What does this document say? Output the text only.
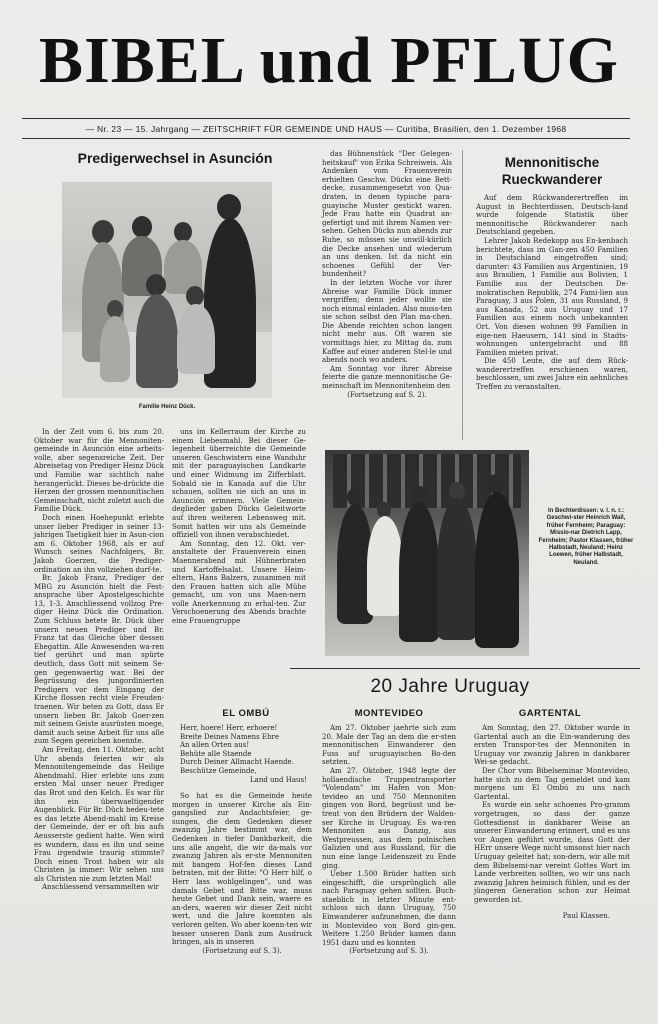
BIBEL und PFLUG
— Nr. 23 — 15. Jahrgang — ZEITSCHRIFT FÜR GEMEINDE UND HAUS — Curitiba, Brasilien, den 1. Dezember 1968
Predigerwechsel in Asunción
Familie Heinz Dück.

In der Zeit vom 6. bis zum 20. Oktober war für die Mennoniten-gemeinde in Asunción eine arbeits-volle, aber segensreiche Zeit. Der Abreisetag von Prediger Heinz Dück und Familie war sichtlich nahe herangerückt. Dieses be-drückte die Herzen der grossen mennonitischen Gemeinschaft, nicht zuletzt auch die Familie Dück.

Doch einen Hoehepunkt erlebte unser lieber Prediger in seiner 13-jahrigen Taetigkeit hier in Asun-cion am 6. Oktober 1968, als er auf Wunsch seines Nachfolgers, Br. Jakob Goerzen, die Prediger-ordination an ihn vollziehen durf-te.

Br. Jakob Franz, Prediger der MBG zu Asunción hielt die Fest-ansprache über Apostelgeschichte 13, 1-3. Anschliessend vollzog Pre-diger Heinz Dück die Ordination. Zum Schluss betete Br. Dück über unsern neuen Prediger und Br. Franz tat das Gleiche über dessen Ehegattin. Alle Anwesenden wa-ren tief gerührt und man spürte deutlich, dass Gott mit seinem Se-gen gegenwaertig war. Bei der Begrüssung des jungordinierten Predigers vor dem Eingang der Kirche flossen recht viele Freuden-traenen. Wir beten zu Gott, dass Er unsern lieben Br. Jakob Goer-zen mit seinem Geiste ausrüsten moege, damit auch seine Arbeit für uns alle zum Segen gereichen koennte.

Am Freitag, den 11. Oktober, acht Uhr abends feierten wir als Mennonitengemeinde das Heilige Abendmahl. Hier erlebte uns zum ersten Mal unser neuer Prediger das Brot und den Kelch. Es war für ihn ein überwaeltigender Augenblick. Für Br. Dück bedeu-tete es das letzte Abend-mahl im Kreise der Gemeinde, der er oft bis aufs Aeusserste gedient hatte. Wen wird es wundern, dass es ihn und seine Frau irgendwie traurig stimmte? Doch einen Trost haben wir als Christen ja immer: Wir sehen uns als Christen nie zum letzten Mal!

Anschliessend versammelten wir

uns im Kellerraum der Kirche zu einem Liebesmahl. Bei dieser Ge-legenheit überreichte die Gemeinde unseren Geschwistern eine Wanduhr mit der paraguayischen Landkarte und einer Widmung im Zifferblatt. Sobald sie in Kanada auf die Uhr schauen, sollten sie sich an uns in Asunción erinnern. Viele Gemein-deglieder gaben Dücks Geleitworte auf ihren weiteren Lebensweg mit. Somit hatten wir uns als Gemeinde offiziell von ihnen verabschiedet.

Am Sonntag, den 12. Okt. ver-anstaltete der Frauenverein einen Maennerabend mit Hühnerbraten und Kartoffelsalat. Unsere Heim-eltern, Hans Balzers, zusammen mit den Frauen hatten sich alle Mühe gemacht, um von uns Maen-nern volle Anerkennung zu erhal-ten. Zur Verschoenerung des Abends brachte eine Frauengruppe

das Bühnenstück "Der Gelegen-heitskauf" von Erika Schreiweis. Als Andenken vom Frauenverein erhielten Geschw. Dücks eine Bett-decke, zusammengesetzt von Qua-draten, in denen typische para-guayische Muster gestickt waren. Jede Frau hatte ein Quadrat an-gefertigt und mit ihrem Namen ver-sehen. Gehen Dücks nun abends zur Ruhe, so müssen sie unwill-kürlich die Decke ansehen und wiederum an uns denken. Ist da nicht ein schoenes Gefühl der Ver-bundenheit?

In der letzten Woche vor ihrer Abreise war Familie Dück immer vergriffen; denn jeder wollte sie noch einmal einladen. Also muss-ten sie schon selbst den Plan ma-chen. Die Abende reichten schon langen nicht mehr aus. Oft waren sie vormittags hier, zu Mittag da, zum Kaffee auf einer anderen Stel-le und abends noch wo anders.

Am Sonntag vor ihrer Abreise feierte die ganze mennonitische Ge-meinschaft im Mennonitenheim den

(Fortsetzung auf S. 2).

Mennonitische
Rueckwanderer

Auf dem Rückwanderertreffen im August in Bechterdissen, Deutsch-land wurde folgende Statistik über mennonitische Rückwanderer nach Deutschland gegeben.

Lehrer Jakob Redekopp aus En-kenbach berichtete, dass im Gan-zen 450 Familien in Deutschland eingetroffen sind; darunter: 43 Familien aus Argentinien, 19 aus Brasilien, 1 Familie aus Bolivien, 1 Familie aus der Deutschen De-mokratischen Republik, 274 Fami-lien aus Paraguay, 3 aus Polen, 31 aus Russland, 9 aus Kanada, 52 aus Uruguay und 17 Familien aus einem noch unbekannten Ort. Von diesen wohnen 99 Familien in eige-nen Haeusern, 141 sind in Stadts-wohnungen untergebracht und 88 Familien mieten privat.

Die 450 Leute, die auf dem Rück-wanderertreffen erschienen waren, beschlossen, um zwei Jahre ein aehnliches Treffen zu veranstalten.

In Bechterdissen: v. l. n. r.: Geschwi-ster Heinrich Wall, früher Fernheim; Paraguay: Missio-nar Dietrich Lapp, Fernheim; Pastor Klassen, früher Halbstadt, Neuland; Heinz Loewen, früher Halbstadt, Neuland.
20 Jahre Uruguay
EL OMBÚ
Herr, hoere! Herr, erhoere!
Breite Deines Namens Ehre
An allen Orten aus!
Behüte alle Staende
Durch Deiner Allmacht Haende.
Beschütze Gemeinde,
Land und Haus!

So hat es die Gemeinde heute morgen in unserer Kirche als Ein-gangslied zur Andachtsfeier, ge-sungen, die dem Gedenken dieser zwanzig Jahre bestimmt war, dem Gedenken in tiefer Dankbarkeit, die uns alle angeht, die wir da-mals vor zwanzig Jahren als er-ste Mennoniten mit bangem Hof-fen dieses Land betraten, mit der Bitte: "O Herr hilf, o Herr lass wohlgelingen", und was damals Gebet und Bitte war, muss heute Gebet und Dank sein, waere es an-ders, waeren wir dieser Zeit nicht wert, und die Jahre koennten als verloren gelten. Wo aber koenn-ten wir besser unseren Dank zum Ausdruck bringen, als in unseren

(Fortsetzung auf S. 3).

MONTEVIDEO

Am 27. Oktober jaehrte sich zum 20. Male der Tag an dem die er-sten mennonitischen Einwanderer den Fuss auf uruguayischen Bo-den setzten.

Am 27. Oktober, 1948 legte der hollaendische Truppentransporter "Volendam" im Hafen von Mon-tevideo an und 750 Mennoniten gingen von Bord, begrüsst und be-treut von den Brüdern der Walden-ser Kirche in Uruguay. Es wa-ren Mennoniten aus Danzig, aus Westpreussen, aus dem polnischen Galizien und aus Russland, für die nun eine lange Leidenszeit zu Ende ging.

Ueber 1.500 Brüder hatten sich eingeschifft, die ursprünglich alle nach Paraguay gehen sollten. Buch-staeblich in letzter Minute ent-schloss sich dann Uruguay, 750 Einwanderer aufzunehmen, die dann in Montevideo von Bord gin-gen. Weitere 1.250 Brüder kamen dann 1951 dazu und es konnten

(Fortsetzung auf S. 3).

GARTENTAL

Am Sonntag, den 27. Oktober wurde in Gartental auch an die Ein-wanderung des ersten Transpor-tes der Mennoniten in Uruguay vor zwanzig Jahren in dankbarer Wei-se gedacht.

Der Chor vom Bibelseminar Montevideo, hatte sich zu dem Tag gemeldet und kam morgens um El Ombú zu uns nach Gartental.

Es wurde ein sehr schoenes Pro-gramm vorgetragen, so dass der ganze Gottesdienst in dankbarer Weise an unserer Einwanderung erinnert, und es uns vor Augen geführt wurde, dass Gott der HErr unsere Wege nicht umsonst hier nach Uruguay geleitet hat; son-dern, wir alle mit dem Bibelsemi-nar vereint Gottes Wort im Lande verbreiten sollten, wo wir uns nach zwanzig Jahren heimisch fühlen, und es der jüngeren Generation schon zur Heimat geworden ist.

Paul Klassen.
